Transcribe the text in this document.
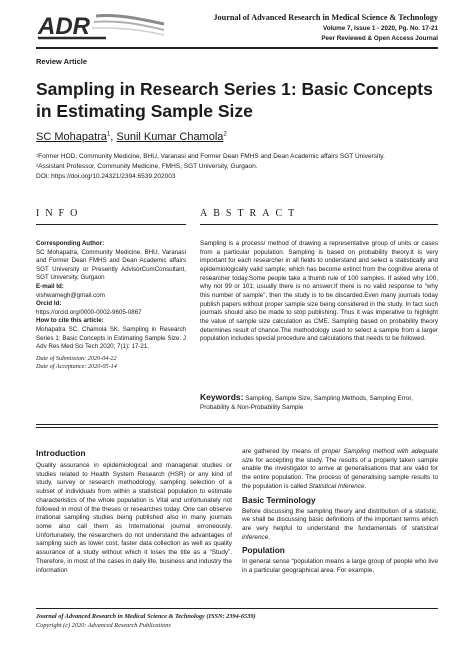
ADR	Journal of Advanced Research in Medical Science & Technology
Volume 7, Issue 1 - 2020, Pg. No. 17-21
Peer Reviewed & Open Access Journal
Review Article
Sampling in Research Series 1: Basic Concepts in Estimating Sample Size
SC Mohapatra$^1$, Sunil Kumar Chamola$^2$
¹Former HOD, Community Medicine, BHU, Varanasi and Former Dean FMHS and Dean Academic affairs SGT University.
²Assistant Professor, Community Medicine, FMHS, SGT University, Gurgaon.
DOI: https://doi.org/10.24321/2394.6539.202003
INFO	ABSTRACT
Corresponding Author:
SC Mohapatra, Community Medicine, BHU, Varanasi and Former Dean FMHS and Dean Academic affairs SGT University or Presently AdvisorCumConsultant, SGT University, Gurgaon
E-mail Id:
vishwamegh@gmail.com
Orcid Id:
https://orcid.org/0000-0002-9605-0867
How to cite this article:
Mohapatra SC, Chamola SK. Sampling in Research Series 1: Basic Concepts in Estimating Sample Size. J Adv Res Med Sci Tech 2020; 7(1): 17-21.
Date of Submission: 2020-04-22
Date of Acceptance: 2020-05-14
Sampling is a process/ method of drawing a representative group of units or cases from a particular population. Sampling is based on probability theory.It is very important for each researcher in all fields to understand and select a statistically and epidemiologically valid sample; which has become extinct from the cognitive arena of researcher today.Some people take a thumb rule of 100 samples. If asked why 100, why not 99 or 101; usually there is no answer.If there is no valid response to “why this number of sample”, then the study is to be discarded.Even many journals today publish papers without proper sample size being considered in the study. In fact such journals should also be made to stop publishing. Thus it was imperative to highlight the value of sample size calculation as CME. Sampling based on probability theory determines result of chance.The methodology used to select a sample from a larger population includes special procedure and calculations that needs to be followed.
Keywords: Sampling, Sample Size, Sampling Methods, Sampling Error, Probability & Non-Probability Sample
Introduction
Quality assurance in epidemiological and managerial studies or studies related to Health System Research (HSR) or any kind of study, survey or research methodology, sampling selection of a subset of individuals from within a statistical population to estimate characteristics of the whole population is Vital and unfortunately not followed in most of the theses or researches today. One can observe irrational sampling studies being published also in many journals some also call them as International journal erroneously. Unfortunately, the researchers do not understand the advantages of sampling such as lower cost, faster data collection as well as quality assurance of a study without which it loses the title as a “Study”. Therefore, in most of the cases in daily life, business and industry the information

are gathered by means of proper Sampling method with adequate size for accepting the study. The results of a properly taken sample enable the investigator to arrive at generalisations that are valid for the entire population. The process of generalising sample results to the population is called Statistical Inference.

Basic Terminology

Before discussing the sampling theory and distribution of a statistic, we shall be discussing basic definitions of the important terms which are very helpful to understand the fundamentals of statistical inference.

Population

In general sense “population means a large group of people who live in a particular geographical area. For example,

Journal of Advanced Research in Medical Science & Technology (ISSN: 2394-6539)
Copyright (c) 2020: Advanced Research Publications
